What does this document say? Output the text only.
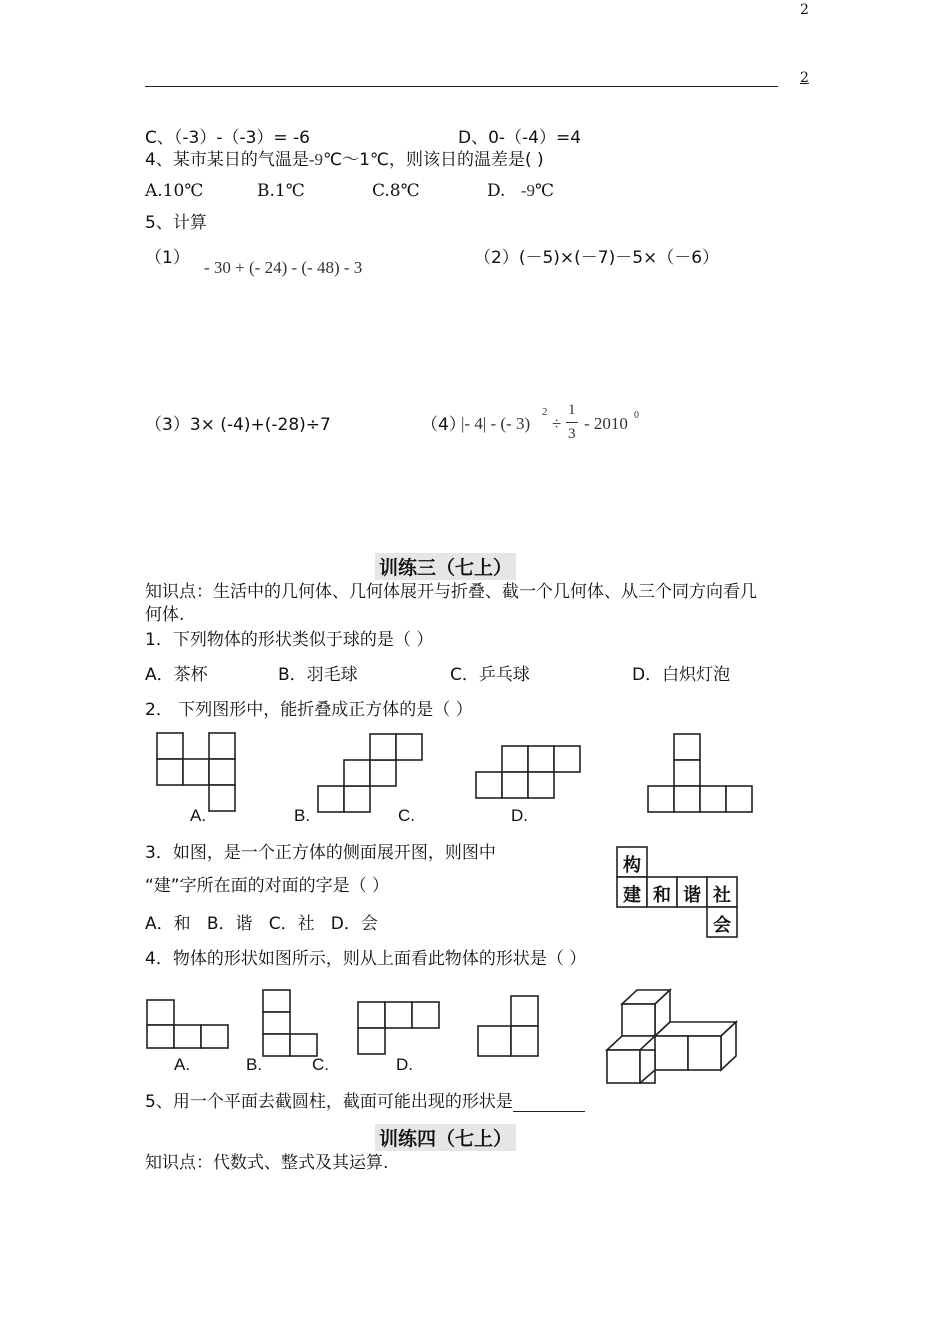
2
2
C、（-3）-（-3）= -6	D、0-（-4）=4
4、某市某日的气温是-9℃～1℃，则该日的温差是( )
A.10℃	B.1℃	C.8℃	D. -9℃
5、计算
（1） - 30 + (- 24) - (- 48) - 3	（2）(－5)×(－7)－5×（－6）
（3）3× (-4)+(-28)÷7	（4）
|- 4| - (- 3)
2
÷
1
3
- 2010 0
训练三（七上）
知识点：生活中的几何体、几何体展开与折叠、截一个几何体、从三个同方向看几
何体.
1．下列物体的形状类似于球的是（ ）
A．茶杯	B．羽毛球	C．乒乓球	D．白炽灯泡
2． 下列图形中，能折叠成正方体的是（ ）
A.	B.	C.	D.
3．如图，是一个正方体的侧面展开图，则图中
“建”字所在面的对面的字是（ ）
A．和   B．谐   C．社   D．会
构
建 和 谐 社
会
4．物体的形状如图所示，则从上面看此物体的形状是（ ）
A.	B.	C.	D.
5、用一个平面去截圆柱，截面可能出现的形状是
训练四（七上）
知识点：代数式、整式及其运算.
